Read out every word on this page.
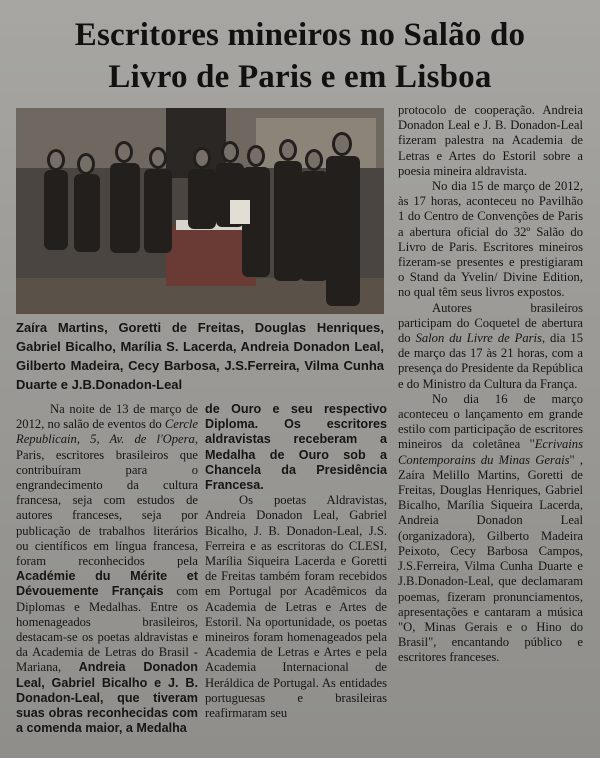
Escritores mineiros no Salão do
Livro de Paris e em Lisboa
Zaíra Martins, Goretti de Freitas, Douglas Henriques, Gabriel Bicalho, Marília S. Lacerda, Andreia Donadon Leal, Gilberto Madeira, Cecy Barbosa, J.S.Ferreira, Vilma Cunha Duarte e J.B.Donadon-Leal

Na noite de 13 de março de 2012, no salão de eventos do Cercle Republicain, 5, Av. de l'Opera, Paris, escritores brasileiros que contribuíram para o engrandecimento da cultura francesa, seja com estudos de autores franceses, seja por publicação de trabalhos literários ou científicos em língua francesa, foram reconhecidos pela Académie du Mérite et Dévouemente Français com Diplomas e Medalhas. Entre os homenageados brasileiros, destacam-se os poetas aldravistas e da Academia de Letras do Brasil - Mariana, Andreia Donadon Leal, Gabriel Bicalho e J. B. Donadon-Leal, que tiveram suas obras reconhecidas com a comenda maior, a Medalha

de Ouro e seu respectivo Diploma. Os escritores aldravistas receberam a Medalha de Ouro sob a Chancela da Presidência Francesa.

Os poetas Aldravistas, Andreia Donadon Leal, Gabriel Bicalho, J. B. Donadon-Leal, J.S. Ferreira e as escritoras do CLESI, Marília Siqueira Lacerda e Goretti de Freitas também foram recebidos em Portugal por Acadêmicos da Academia de Letras e Artes de Estoril. Na oportunidade, os poetas mineiros foram homenageados pela Academia de Letras e Artes e pela Academia Internacional de Heráldica de Portugal. As entidades portuguesas e brasileiras reafirmaram seu

protocolo de cooperação. Andreia Donadon Leal e J. B. Donadon-Leal fizeram palestra na Academia de Letras e Artes do Estoril sobre a poesia mineira aldravista.

No dia 15 de março de 2012, às 17 horas, aconteceu no Pavilhão 1 do Centro de Convenções de Paris a abertura oficial do 32º Salão do Livro de Paris. Escritores mineiros fizeram-se presentes e prestigiaram o Stand da Yvelin/ Divine Edition, no qual têm seus livros expostos.

Autores brasileiros participam do Coquetel de abertura do Salon du Livre de Paris, dia 15 de março das 17 às 21 horas, com a presença do Presidente da República e do Ministro da Cultura da França.

No dia 16 de março aconteceu o lançamento em grande estilo com participação de escritores mineiros da coletânea "Ecrivains Contemporains du Minas Gerais" , Zaíra Melillo Martins, Goretti de Freitas, Douglas Henriques, Gabriel Bicalho, Marília Siqueira Lacerda, Andreia Donadon Leal (organizadora), Gilberto Madeira Peixoto, Cecy Barbosa Campos, J.S.Ferreira, Vilma Cunha Duarte e J.B.Donadon-Leal, que declamaram poemas, fizeram pronunciamentos, apresentações e cantaram a música "O, Minas Gerais e o Hino do Brasil", encantando público e escritores franceses.
